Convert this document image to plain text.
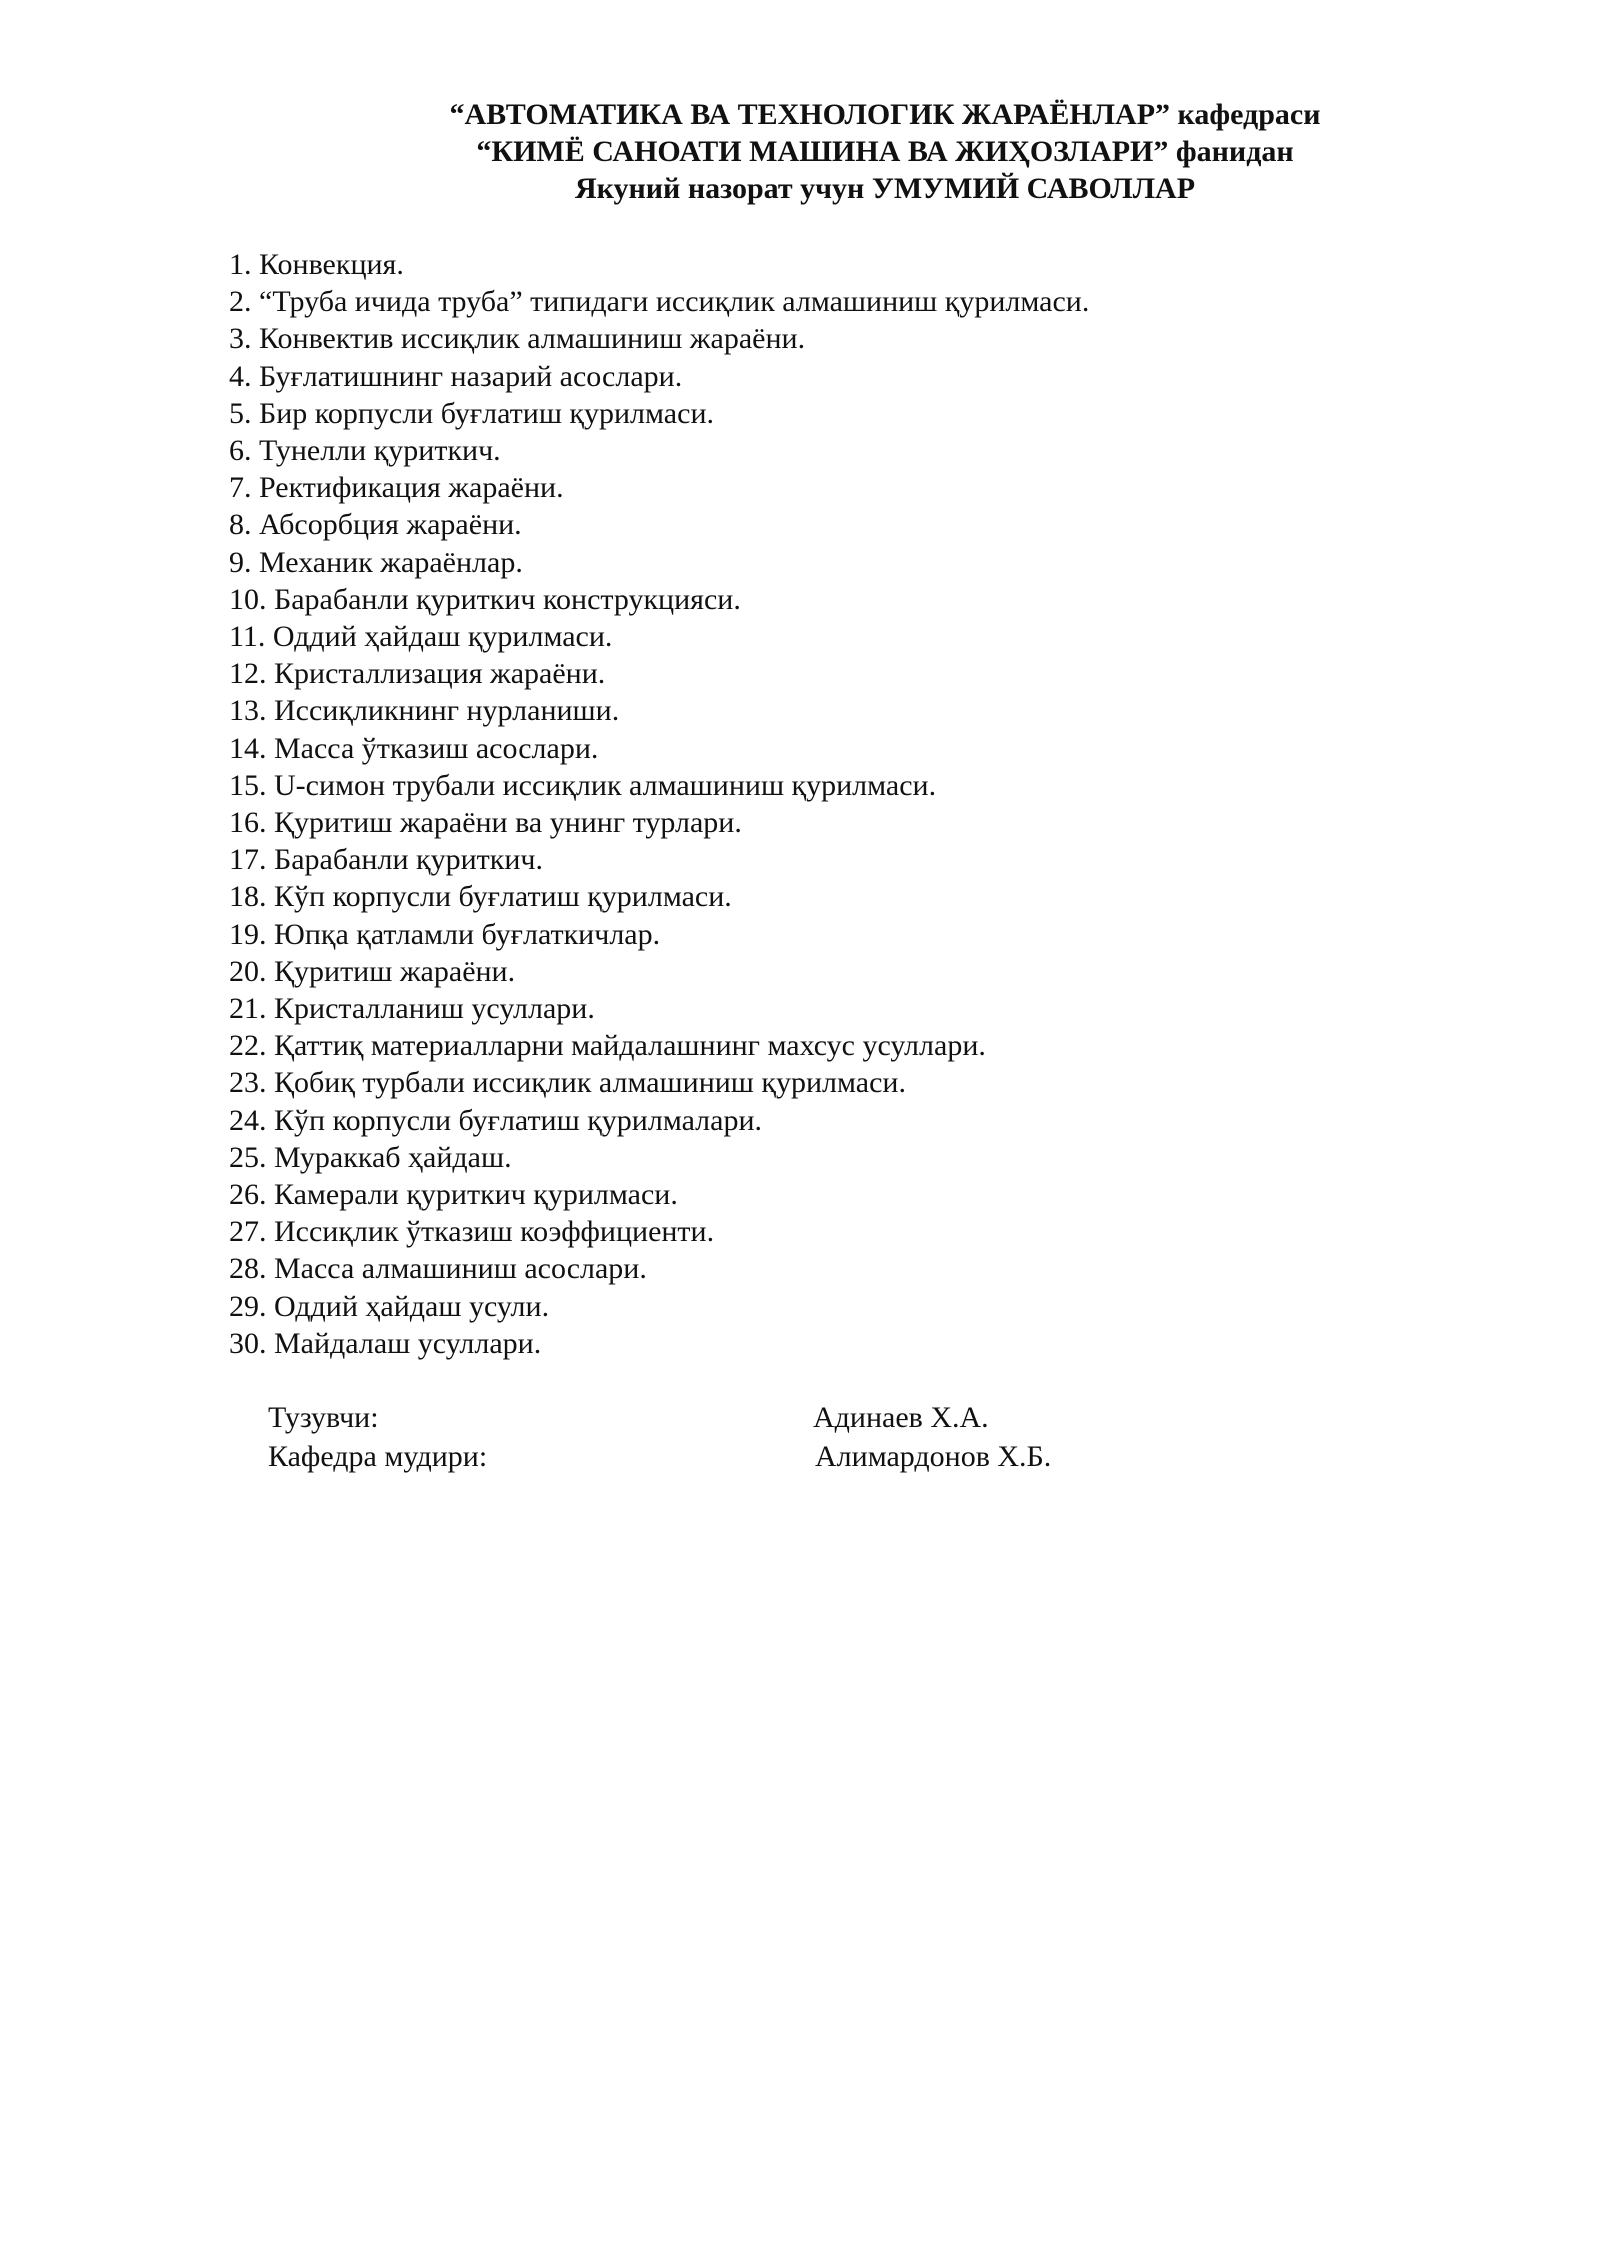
“АВТОМАТИКА ВА ТЕХНОЛОГИК ЖАРАЁНЛАР” кафедраси
“КИМЁ САНОАТИ МАШИНА ВА ЖИҲОЗЛАРИ” фанидан
Якуний назорат учун УМУМИЙ САВОЛЛАР
1. Конвекция.
2. “Труба ичида труба” типидаги иссиқлик алмашиниш қурилмаси.
3. Конвектив иссиқлик алмашиниш жараёни.
4. Буғлатишнинг назарий асослари.
5. Бир корпусли буғлатиш қурилмаси.
6. Тунелли қуриткич.
7. Ректификация жараёни.
8. Абсорбция жараёни.
9. Механик жараёнлар.
10. Барабанли қуриткич конструкцияси.
11. Оддий ҳайдаш қурилмаси.
12. Кристаллизация жараёни.
13. Иссиқликнинг нурланиши.
14. Масса ўтказиш асослари.
15. U-симон трубали иссиқлик алмашиниш қурилмаси.
16. Қуритиш жараёни ва унинг турлари.
17. Барабанли қуриткич.
18. Кўп корпусли буғлатиш қурилмаси.
19. Юпқа қатламли буғлаткичлар.
20. Қуритиш жараёни.
21. Кристалланиш усуллари.
22. Қаттиқ материалларни майдалашнинг махсус усуллари.
23. Қобиқ турбали иссиқлик алмашиниш қурилмаси.
24. Кўп корпусли буғлатиш қурилмалари.
25. Мураккаб ҳайдаш.
26. Камерали қуриткич қурилмаси.
27. Иссиқлик ўтказиш коэффициенти.
28. Масса алмашиниш асослари.
29. Оддий ҳайдаш усули.
30. Майдалаш усуллари.
Тузувчи:	Адинаев Х.А.
Кафедра мудири:	Алимардонов Х.Б.
